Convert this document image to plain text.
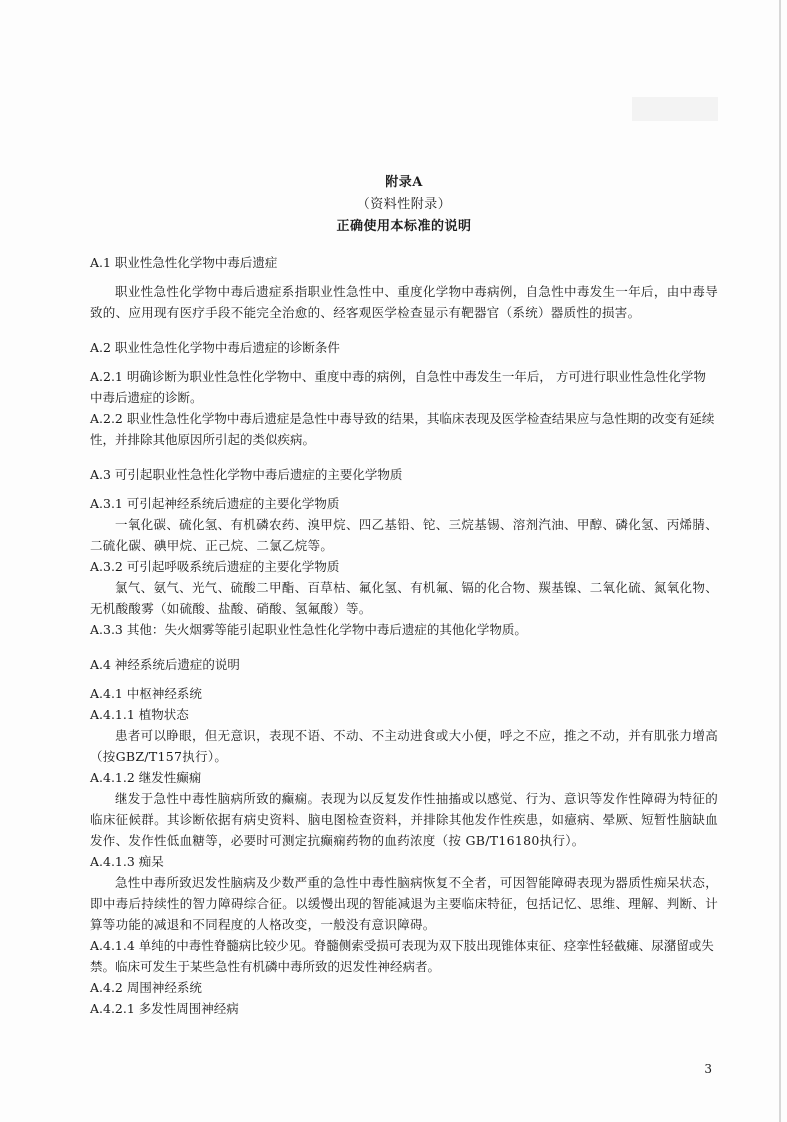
附录A
（资料性附录）
正确使用本标准的说明

A.1 职业性急性化学物中毒后遗症

职业性急性化学物中毒后遗症系指职业性急性中、重度化学物中毒病例，自急性中毒发生一年后，由中毒导致的、应用现有医疗手段不能完全治愈的、经客观医学检查显示有靶器官（系统）器质性的损害。

A.2 职业性急性化学物中毒后遗症的诊断条件

A.2.1 明确诊断为职业性急性化学物中、重度中毒的病例，自急性中毒发生一年后， 方可进行职业性急性化学物中毒后遗症的诊断。

A.2.2 职业性急性化学物中毒后遗症是急性中毒导致的结果，其临床表现及医学检查结果应与急性期的改变有延续性，并排除其他原因所引起的类似疾病。

A.3 可引起职业性急性化学物中毒后遗症的主要化学物质

A.3.1 可引起神经系统后遗症的主要化学物质

一氧化碳、硫化氢、有机磷农药、溴甲烷、四乙基铅、铊、三烷基锡、溶剂汽油、甲醇、磷化氢、丙烯腈、二硫化碳、碘甲烷、正己烷、二氯乙烷等。

A.3.2 可引起呼吸系统后遗症的主要化学物质

氯气、氨气、光气、硫酸二甲酯、百草枯、氟化氢、有机氟、镉的化合物、羰基镍、二氧化硫、氮氧化物、无机酸酸雾（如硫酸、盐酸、硝酸、氢氟酸）等。

A.3.3 其他：失火烟雾等能引起职业性急性化学物中毒后遗症的其他化学物质。

A.4 神经系统后遗症的说明

A.4.1 中枢神经系统

A.4.1.1 植物状态

患者可以睁眼，但无意识，表现不语、不动、不主动进食或大小便，呼之不应，推之不动，并有肌张力增高（按GBZ/T157执行）。

A.4.1.2 继发性癫痫

继发于急性中毒性脑病所致的癫痫。表现为以反复发作性抽搐或以感觉、行为、意识等发作性障碍为特征的临床征候群。其诊断依据有病史资料、脑电图检查资料，并排除其他发作性疾患，如癔病、晕厥、短暂性脑缺血发作、发作性低血糖等，必要时可测定抗癫痫药物的血药浓度（按 GB/T16180执行）。

A.4.1.3 痴呆

急性中毒所致迟发性脑病及少数严重的急性中毒性脑病恢复不全者，可因智能障碍表现为器质性痴呆状态，即中毒后持续性的智力障碍综合征。以缓慢出现的智能减退为主要临床特征，包括记忆、思维、理解、判断、计算等功能的减退和不同程度的人格改变，一般没有意识障碍。

A.4.1.4 单纯的中毒性脊髓病比较少见。脊髓侧索受损可表现为双下肢出现锥体束征、痉挛性轻截瘫、尿潴留或失禁。临床可发生于某些急性有机磷中毒所致的迟发性神经病者。

A.4.2 周围神经系统

A.4.2.1 多发性周围神经病

3
